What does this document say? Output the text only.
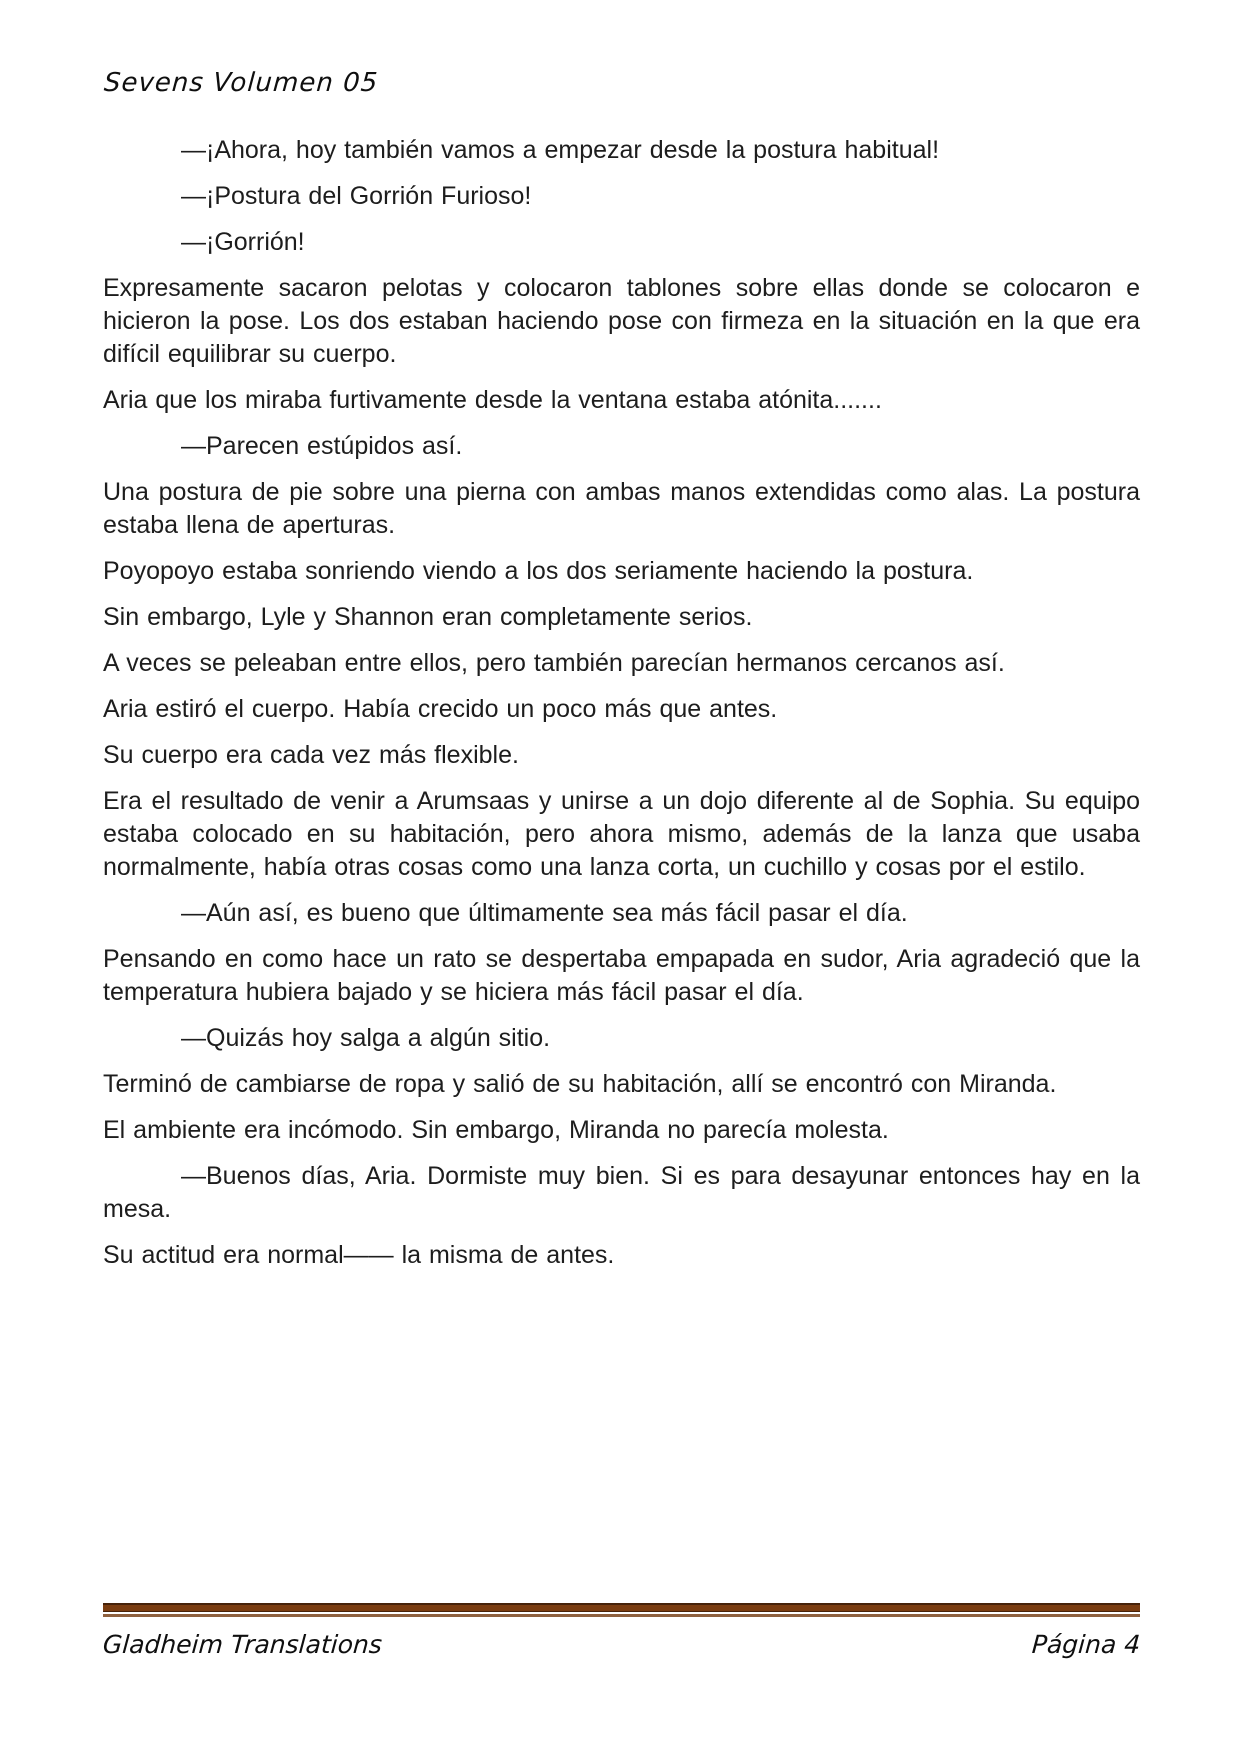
Sevens Volumen 05

—¡Ahora, hoy también vamos a empezar desde la postura habitual!

—¡Postura del Gorrión Furioso!

—¡Gorrión!

Expresamente sacaron pelotas y colocaron tablones sobre ellas donde se colocaron e hicieron la pose. Los dos estaban haciendo pose con firmeza en la situación en la que era difícil equilibrar su cuerpo.

Aria que los miraba furtivamente desde la ventana estaba atónita.......

—Parecen estúpidos así.

Una postura de pie sobre una pierna con ambas manos extendidas como alas. La postura estaba llena de aperturas.

Poyopoyo estaba sonriendo viendo a los dos seriamente haciendo la postura.

Sin embargo, Lyle y Shannon eran completamente serios.

A veces se peleaban entre ellos, pero también parecían hermanos cercanos así.

Aria estiró el cuerpo. Había crecido un poco más que antes.

Su cuerpo era cada vez más flexible.

Era el resultado de venir a Arumsaas y unirse a un dojo diferente al de Sophia. Su equipo estaba colocado en su habitación, pero ahora mismo, además de la lanza que usaba normalmente, había otras cosas como una lanza corta, un cuchillo y cosas por el estilo.

—Aún así, es bueno que últimamente sea más fácil pasar el día.

Pensando en como hace un rato se despertaba empapada en sudor, Aria agradeció que la temperatura hubiera bajado y se hiciera más fácil pasar el día.

—Quizás hoy salga a algún sitio.

Terminó de cambiarse de ropa y salió de su habitación, allí se encontró con Miranda.

El ambiente era incómodo. Sin embargo, Miranda no parecía molesta.

—Buenos días, Aria. Dormiste muy bien. Si es para desayunar entonces hay en la mesa.

Su actitud era normal—— la misma de antes.

Gladheim Translations	Página 4
